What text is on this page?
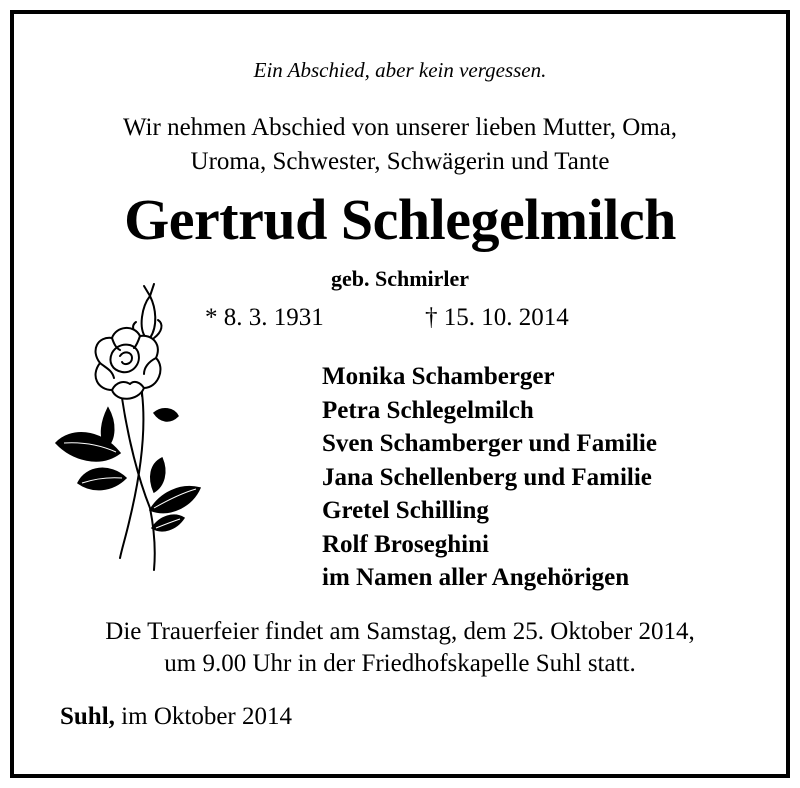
Ein Abschied, aber kein vergessen.
Wir nehmen Abschied von unserer lieben Mutter, Oma,
Uroma, Schwester, Schwägerin und Tante
Gertrud Schlegelmilch
geb. Schmirler
* 8. 3. 1931	† 15. 10. 2014
Monika Schamberger
Petra Schlegelmilch
Sven Schamberger und Familie
Jana Schellenberg und Familie
Gretel Schilling
Rolf Broseghini
im Namen aller Angehörigen
Die Trauerfeier findet am Samstag, dem 25. Oktober 2014,
um 9.00 Uhr in der Friedhofskapelle Suhl statt.
Suhl, im Oktober 2014
